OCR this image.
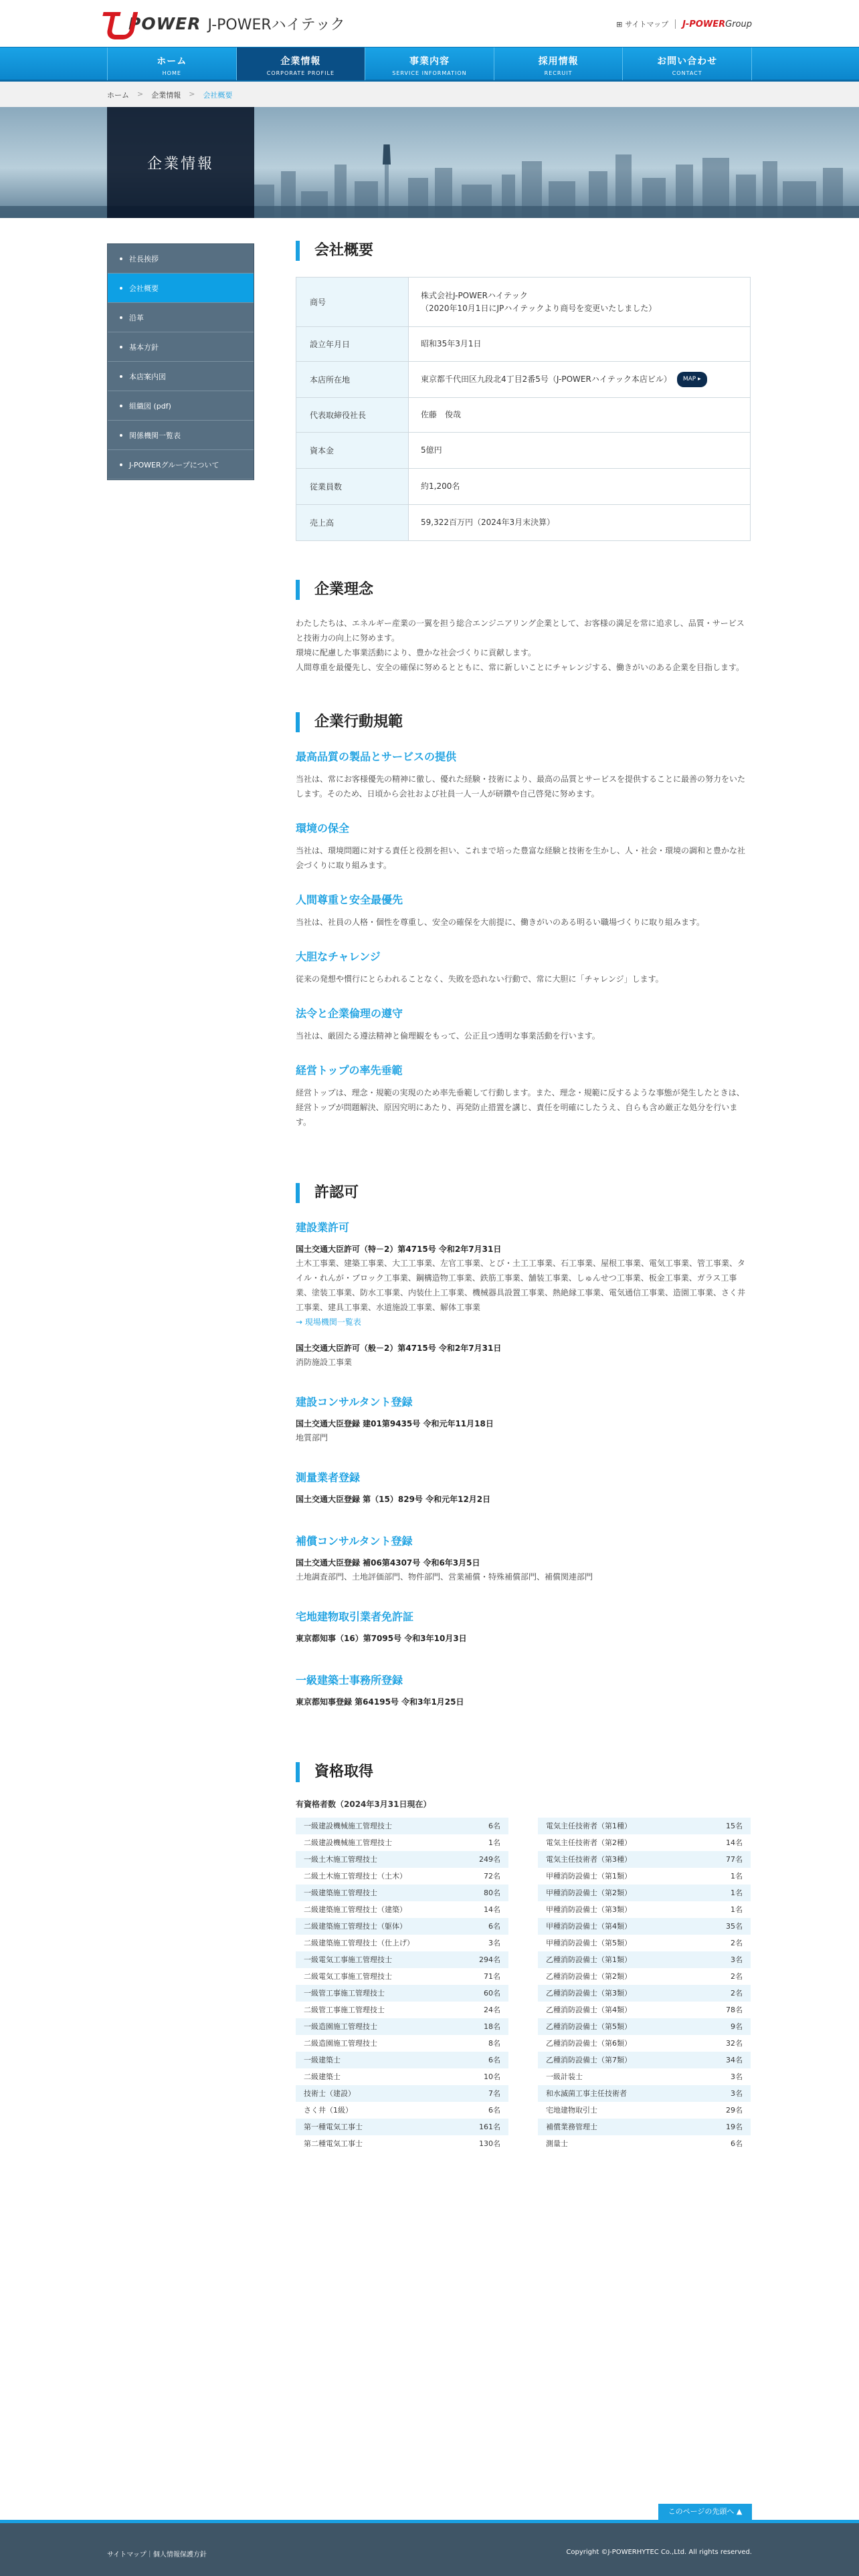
POWER J-POWERハイテック	⊞ サイトマップ J-POWERGroup
ホーム
HOME
企業情報
CORPORATE PROFILE
事業内容
SERVICE INFORMATION
採用情報
RECRUIT
お問い合わせ
CONTACT
ホーム > 企業情報 > 会社概要
企業情報
社長挨拶
会社概要
沿革
基本方針
本店案内図
組織図 (pdf)
関係機関一覧表
J-POWERグループについて
会社概要
商号	株式会社J-POWERハイテック
（2020年10月1日にJPハイテックより商号を変更いたしました）

設立年月日	昭和35年3月1日
本店所在地	東京都千代田区九段北4丁目2番5号（J-POWERハイテック本店ビル） MAP ▸
代表取締役社長	佐藤　俊哉
資本金	5億円
従業員数	約1,200名
売上高	59,322百万円（2024年3月末決算）
企業理念

わたしたちは、エネルギー産業の一翼を担う総合エンジニアリング企業として、お客様の満足を常に追求し、品質・サービスと技術力の向上に努めます。

環境に配慮した事業活動により、豊かな社会づくりに貢献します。

人間尊重を最優先し、安全の確保に努めるとともに、常に新しいことにチャレンジする、働きがいのある企業を目指します。

企業行動規範
最高品質の製品とサービスの提供

当社は、常にお客様優先の精神に徹し、優れた経験・技術により、最高の品質とサービスを提供することに最善の努力をいたします。そのため、日頃から会社および社員一人一人が研鑽や自己啓発に努めます。

環境の保全

当社は、環境問題に対する責任と役割を担い、これまで培った豊富な経験と技術を生かし、人・社会・環境の調和と豊かな社会づくりに取り組みます。

人間尊重と安全最優先

当社は、社員の人格・個性を尊重し、安全の確保を大前提に、働きがいのある明るい職場づくりに取り組みます。

大胆なチャレンジ

従来の発想や慣行にとらわれることなく、失敗を恐れない行動で、常に大胆に「チャレンジ」します。

法令と企業倫理の遵守

当社は、厳固たる遵法精神と倫理観をもって、公正且つ透明な事業活動を行います。

経営トップの率先垂範

経営トップは、理念・規範の実現のため率先垂範して行動します。また、理念・規範に反するような事態が発生したときは、経営トップが問題解決、原因究明にあたり、再発防止措置を講じ、責任を明確にしたうえ、自らも含め厳正な処分を行います。

許認可
建設業許可
国土交通大臣許可（特－2）第4715号 令和2年7月31日

土木工事業、建築工事業、大工工事業、左官工事業、とび・土工工事業、石工事業、屋根工事業、電気工事業、管工事業、タイル・れんが・ブロック工事業、鋼構造物工事業、鉄筋工事業、舗装工事業、しゅんせつ工事業、板金工事業、ガラス工事業、塗装工事業、防水工事業、内装仕上工事業、機械器具設置工事業、熱絶縁工事業、電気通信工事業、造園工事業、さく井工事業、建具工事業、水道施設工事業、解体工事業

→ 現場機関一覧表
国土交通大臣許可（般－2）第4715号 令和2年7月31日

消防施設工事業

建設コンサルタント登録
国土交通大臣登録 建01第9435号 令和元年11月18日

地質部門

測量業者登録
国土交通大臣登録 第（15）829号 令和元年12月2日
補償コンサルタント登録
国土交通大臣登録 補06第4307号 令和6年3月5日

土地調査部門、土地評価部門、物件部門、営業補償・特殊補償部門、補償関連部門

宅地建物取引業者免許証
東京都知事（16）第7095号 令和3年10月3日
一級建築士事務所登録
東京都知事登録 第64195号 令和3年1月25日
資格取得
有資格者数（2024年3月31日現在）
一級建設機械施工管理技士	6名
二級建設機械施工管理技士	1名
一級土木施工管理技士	249名
二級土木施工管理技士（土木）	72名
一級建築施工管理技士	80名
二級建築施工管理技士（建築）	14名
二級建築施工管理技士（躯体）	6名
二級建築施工管理技士（仕上げ）	3名
一級電気工事施工管理技士	294名
二級電気工事施工管理技士	71名
一級管工事施工管理技士	60名
二級管工事施工管理技士	24名
一級造園施工管理技士	18名
二級造園施工管理技士	8名
一級建築士	6名
二級建築士	10名
技術士（建設）	7名
さく井（1級）	6名
第一種電気工事士	161名
第二種電気工事士	130名
電気主任技術者（第1種）	15名
電気主任技術者（第2種）	14名
電気主任技術者（第3種）	77名
甲種消防設備士（第1類）	1名
甲種消防設備士（第2類）	1名
甲種消防設備士（第3類）	1名
甲種消防設備士（第4類）	35名
甲種消防設備士（第5類）	2名
乙種消防設備士（第1類）	3名
乙種消防設備士（第2類）	2名
乙種消防設備士（第3類）	2名
乙種消防設備士（第4類）	78名
乙種消防設備士（第5類）	9名
乙種消防設備士（第6類）	32名
乙種消防設備士（第7類）	34名
一級計装士	3名
和水滅菌工事主任技術者	3名
宅地建物取引士	29名
補償業務管理士	19名
測量士	6名
このページの先頭へ ▲
サイトマップ｜個人情報保護方針	Copyright ©J-POWERHYTEC Co.,Ltd. All rights reserved.
